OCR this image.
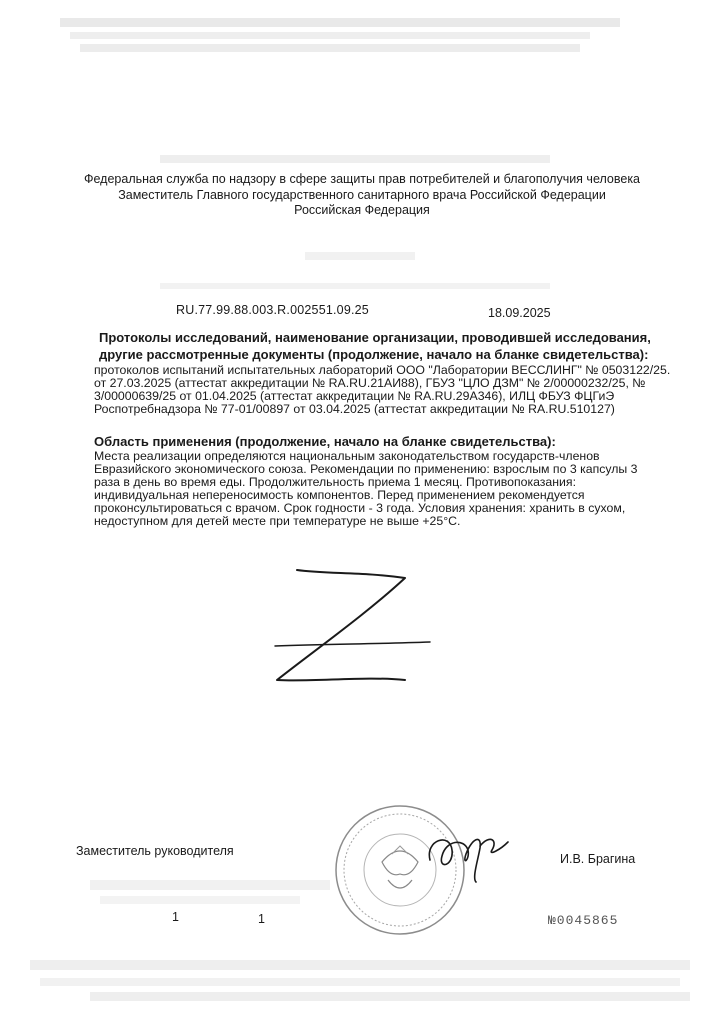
Федеральная служба по надзору в сфере защиты прав потребителей и благополучия человека
Заместитель Главного государственного санитарного врача Российской Федерации
Российская Федерация
RU.77.99.88.003.R.002551.09.25	18.09.2025
Протоколы исследований, наименование организации, проводившей исследования,
другие рассмотренные документы (продолжение, начало на бланке свидетельства):
протоколов испытаний испытательных лабораторий ООО "Лаборатории ВЕССЛИНГ" № 0503122/25.
от 27.03.2025 (аттестат аккредитации № RA.RU.21АИ88), ГБУЗ "ЦЛО ДЗМ" № 2/00000232/25, №
3/00000639/25 от 01.04.2025 (аттестат аккредитации № RA.RU.29А346), ИЛЦ ФБУЗ ФЦГиЭ
Роспотребнадзора № 77-01/00897 от 03.04.2025 (аттестат аккредитации № RA.RU.510127)
Область применения (продолжение, начало на бланке свидетельства):
Места реализации определяются национальным законодательством государств-членов
Евразийского экономического союза. Рекомендации по применению: взрослым по 3 капсулы 3
раза в день во время еды. Продолжительность приема 1 месяц. Противопоказания:
индивидуальная непереносимость компонентов. Перед применением рекомендуется
проконсультироваться с врачом. Срок годности - 3 года. Условия хранения: хранить в сухом,
недоступном для детей месте при температуре не выше +25°С.
Заместитель руководителя
И.В. Брагина
1	1	№0045865
